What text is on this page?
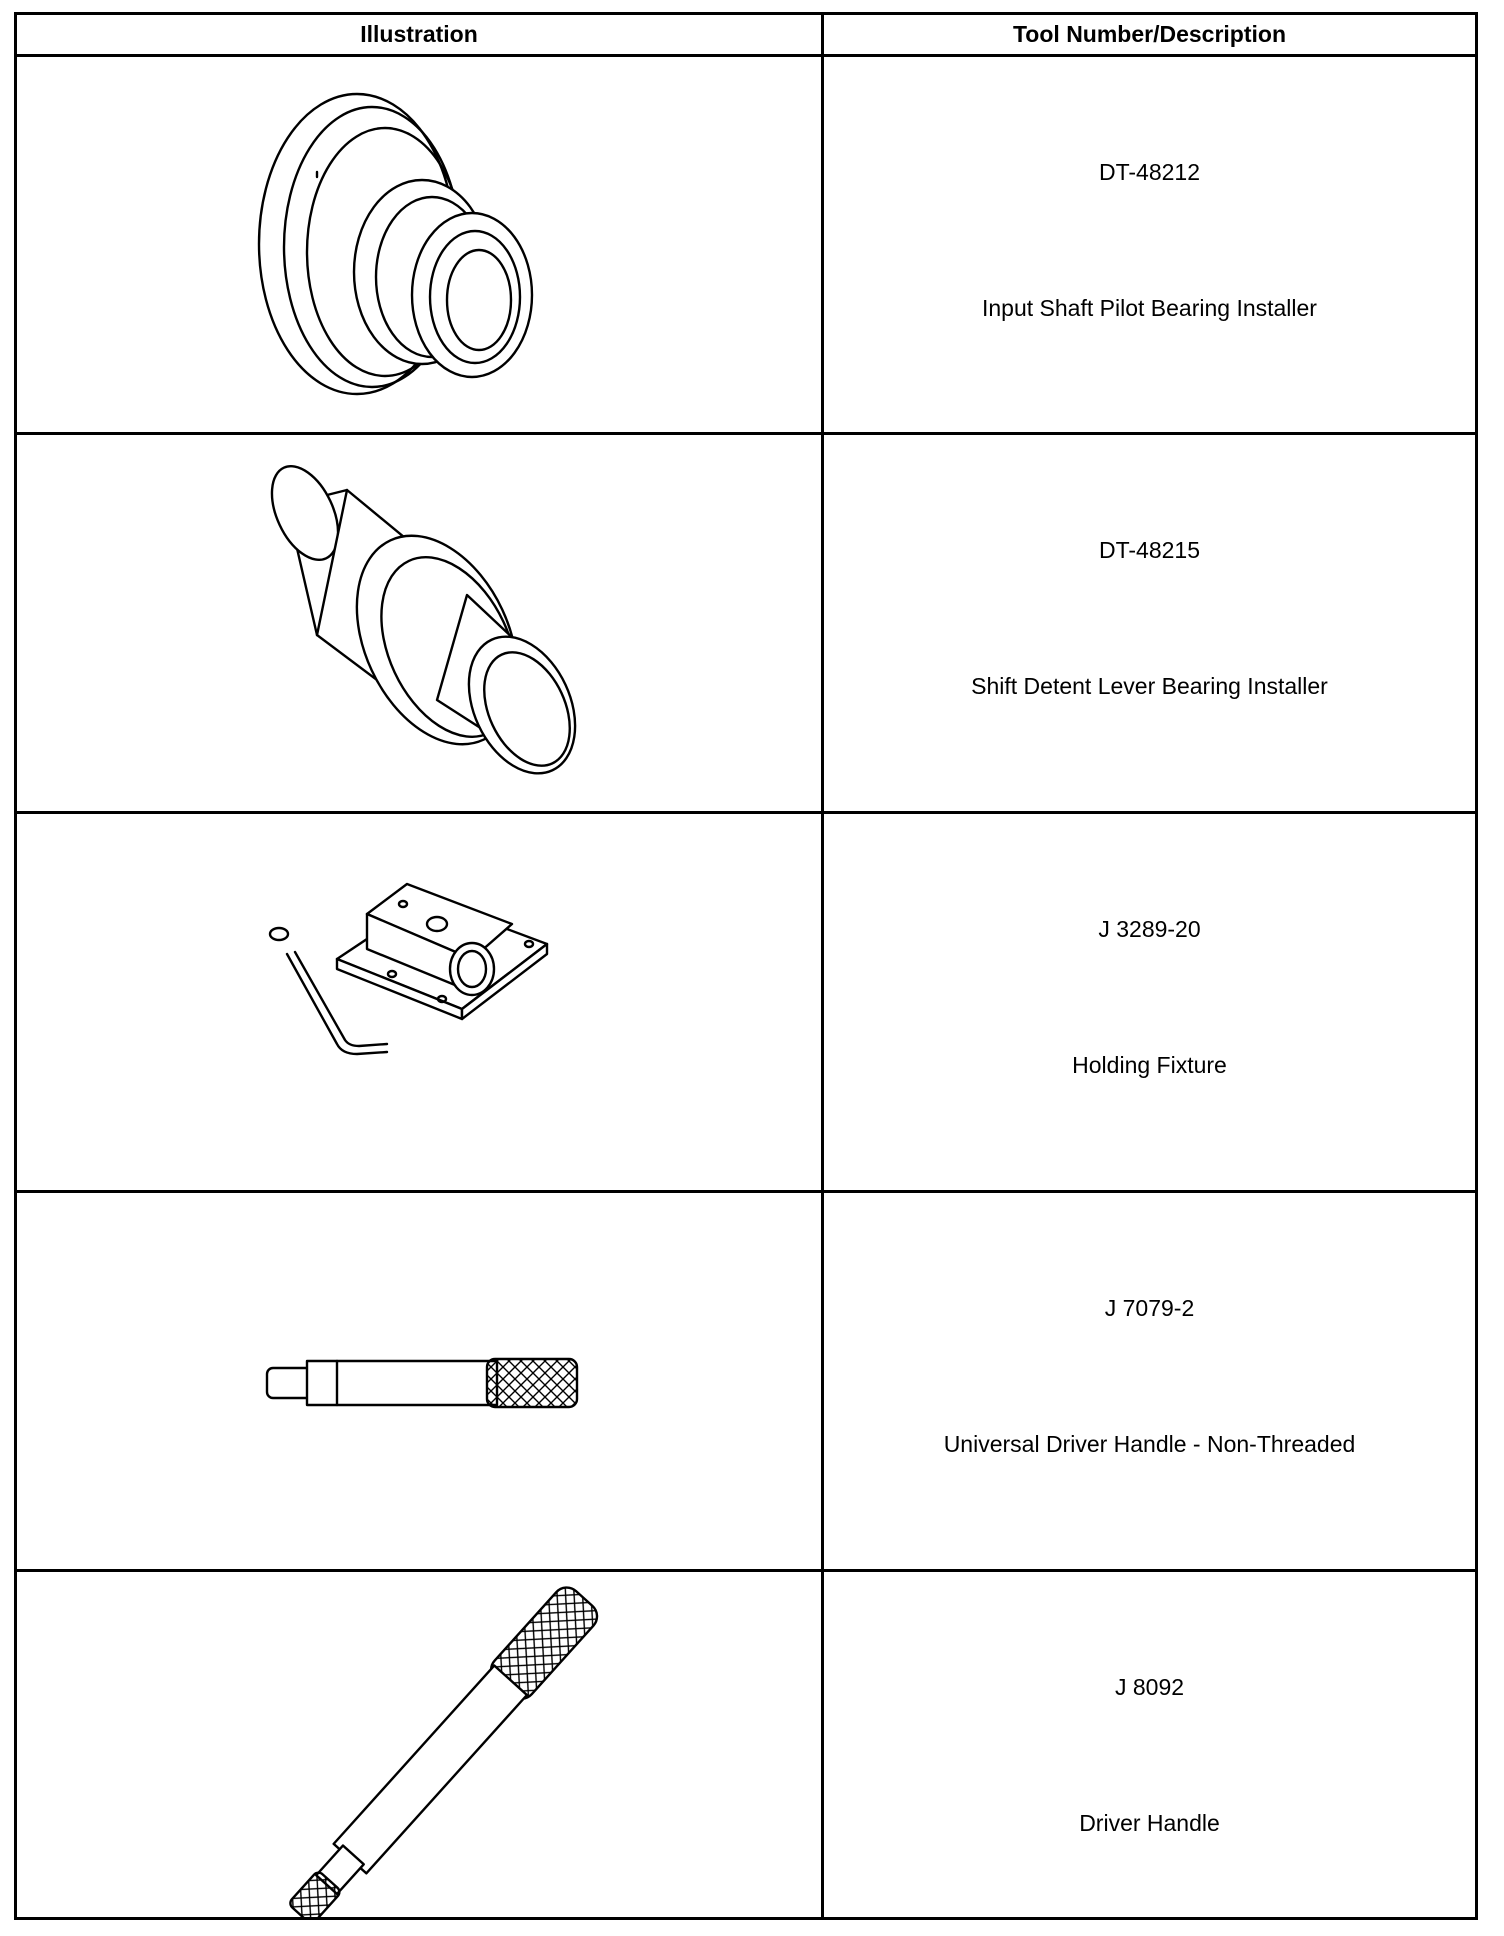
Illustration	Tool Number/Description
DT-48212
Input Shaft Pilot Bearing Installer
DT-48215
Shift Detent Lever Bearing Installer
J 3289-20
Holding Fixture
J 7079-2
Universal Driver Handle - Non-Threaded
J 8092
Driver Handle
